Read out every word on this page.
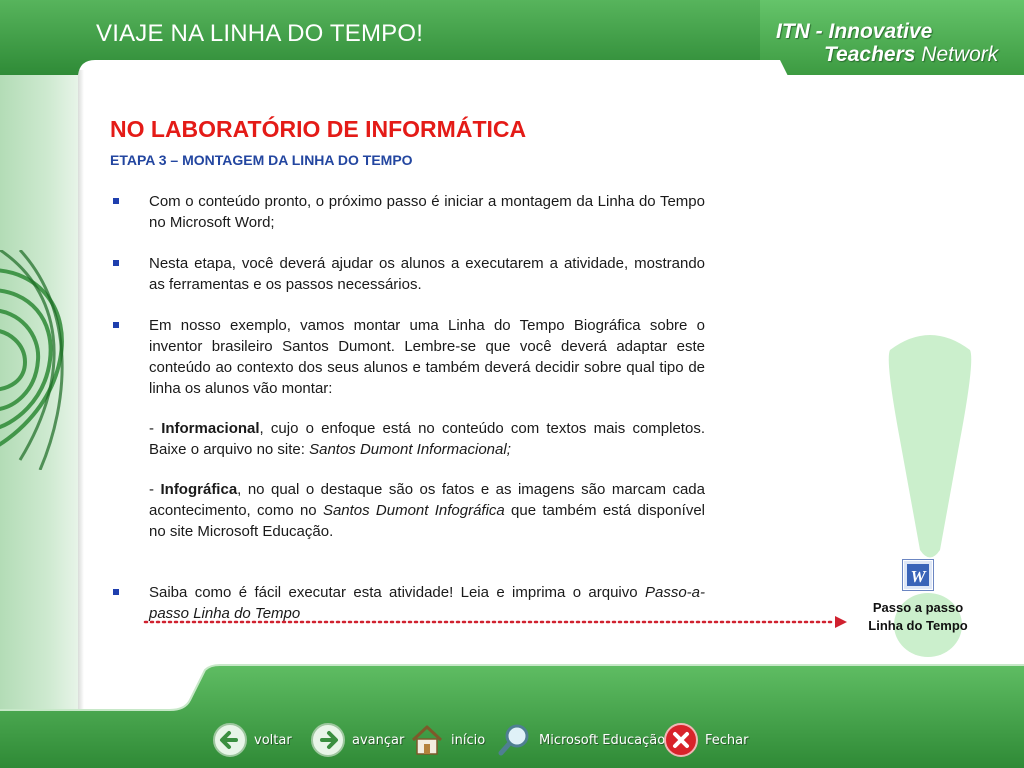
VIAJE NA LINHA DO TEMPO!	ITN - Innovative
Teachers Network
NO LABORATÓRIO DE INFORMÁTICA
ETAPA 3 – MONTAGEM DA LINHA DO TEMPO
Com o conteúdo pronto, o próximo passo é iniciar a montagem da Linha do Tempo no Microsoft Word;
Nesta etapa, você deverá ajudar os alunos a executarem a atividade, mostrando as ferramentas e os passos necessários.
Em nosso exemplo, vamos montar uma Linha do Tempo Biográfica sobre o inventor brasileiro Santos Dumont. Lembre-se que você deverá adaptar este conteúdo ao contexto dos seus alunos e também deverá decidir sobre qual tipo de linha os alunos vão montar:
- Informacional, cujo o enfoque está no conteúdo com textos mais completos. Baixe o arquivo no site: Santos Dumont Informacional;
- Infográfica, no qual o destaque são os fatos e as imagens são marcam cada acontecimento, como no Santos Dumont Infográfica que também está disponível no site Microsoft Educação.
Saiba como é fácil executar esta atividade! Leia e imprima o arquivo Passo-a-passo Linha do Tempo
W
Passo a passo
Linha do Tempo
voltar	avançar	início	Microsoft Educação	Fechar
